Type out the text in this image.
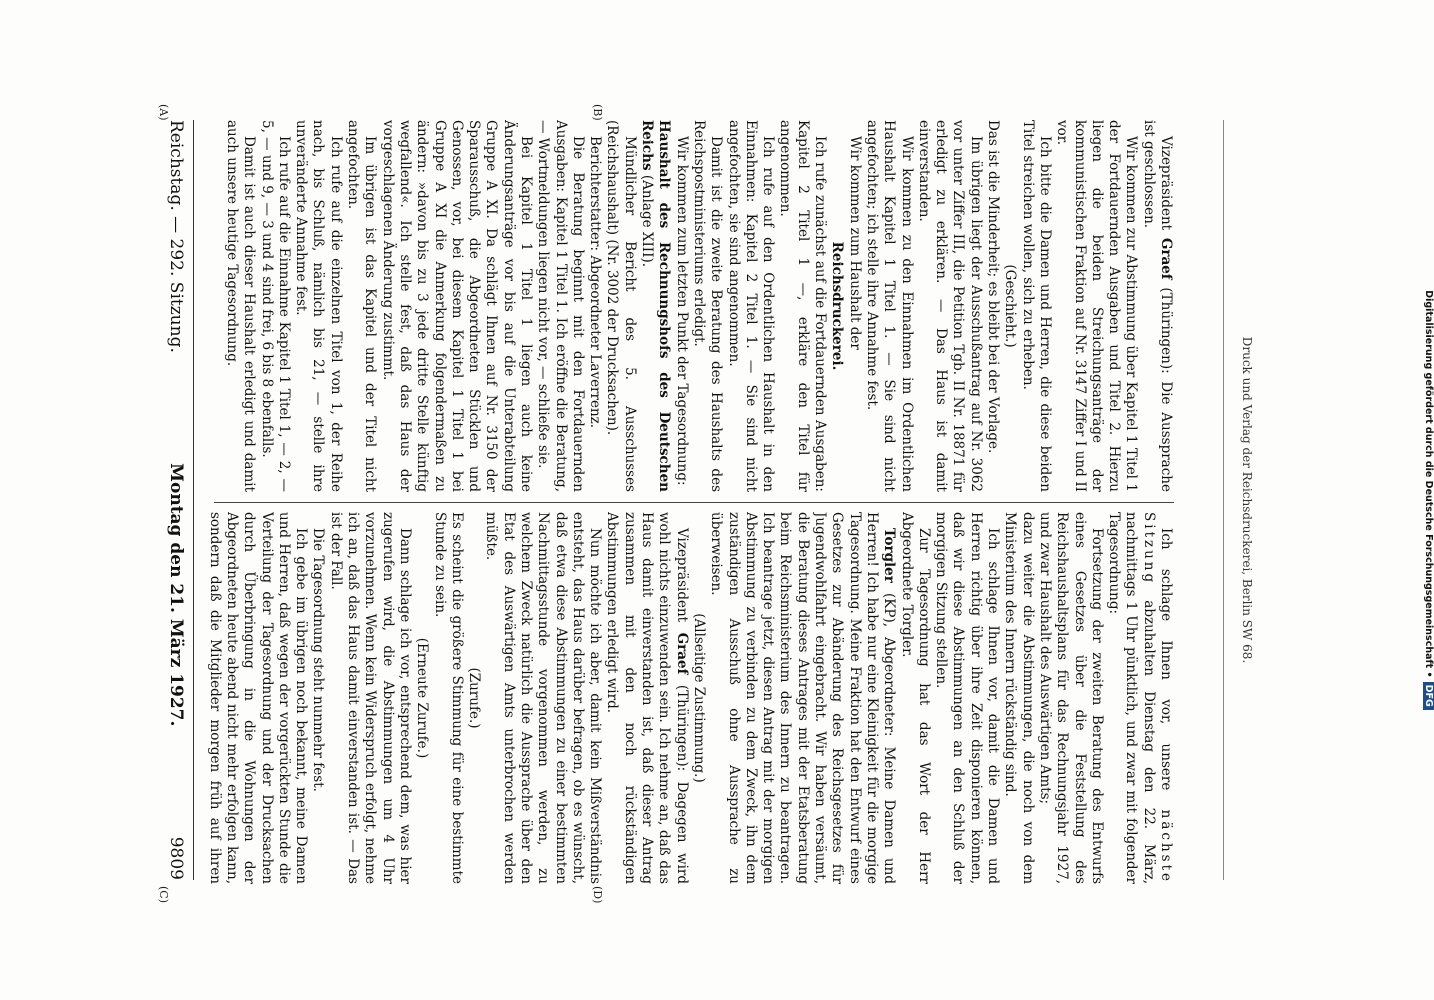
Digitalisierung gefördert durch die Deutsche Forschungsgemeinschaft •DFG
Druck und Verlag der Reichsdruckerei, Berlin SW 68.
Reichstag. — 292. Sitzung.
Montag den 21. März 1927.
9809
(A)	(B)
(C)	(D)

Vizepräsident Graef (Thüringen): Die Aussprache ist geschlossen.

Wir kommen zur Abstimmung über Kapitel 1 Titel 1 der Fortdauernden Ausgaben und Titel 2. Hierzu liegen die beiden Streichungsanträge der kommunistischen Fraktion auf Nr. 3147 Ziffer I und II vor.

Ich bitte die Damen und Herren, die diese beiden Titel streichen wollen, sich zu erheben.

(Geschieht.)

Das ist die Minderheit; es bleibt bei der Vorlage.

Im übrigen liegt der Ausschußantrag auf Nr. 3062 vor unter Ziffer III, die Petition Tgb. II Nr. 18871 für erledigt zu erklären. — Das Haus ist damit einverstanden.

Wir kommen zu den Einnahmen im Ordentlichen Haushalt Kapitel 1 Titel 1. — Sie sind nicht angefochten; ich stelle ihre Annahme fest.

Wir kommen zum Haushalt der

Reichsdruckerei.

Ich rufe zunächst auf die Fortdauernden Ausgaben: Kapitel 2 Titel 1 —, erkläre den Titel für angenommen.

Ich rufe auf den Ordentlichen Haushalt in den Einnahmen: Kapitel 2 Titel 1. — Sie sind nicht angefochten, sie sind angenommen.

Damit ist die zweite Beratung des Haushalts des Reichspostministeriums erledigt.

Wir kommen zum letzten Punkt der Tagesordnung:

Haushalt des Rechnungshofs des Deutschen Reichs (Anlage XIII).

Mündlicher Bericht des 5. Ausschusses (Reichshaushalt) (Nr. 3002 der Drucksachen).

Berichterstatter: Abgeordneter Laverrenz.

Die Beratung beginnt mit den Fortdauernden Ausgaben: Kapitel 1 Titel 1. Ich eröffne die Beratung, — Wortmeldungen liegen nicht vor, — schließe sie.

Bei Kapitel 1 Titel 1 liegen auch keine Änderungsanträge vor bis auf die Unterabteilung Gruppe A XI. Da schlägt Ihnen auf Nr. 3150 der Sparausschuß, die Abgeordneten Stücklen und Genossen, vor, bei diesem Kapitel 1 Titel 1 bei Gruppe A XI die Anmerkung folgendermaßen zu ändern: »davon bis zu 3 jede dritte Stelle künftig wegfallend«. Ich stelle fest, daß das Haus der vorgeschlagenen Änderung zustimmt.

Im übrigen ist das Kapitel und der Titel nicht angefochten.

Ich rufe auf die einzelnen Titel von 1, der Reihe nach, bis Schluß, nämlich bis 21, — stelle ihre unveränderte Annahme fest.

Ich rufe auf die Einnahme Kapitel 1 Titel 1, — 2, — 5, — und 9, — 3 und 4 sind frei, 6 bis 8 ebenfalls.

Damit ist auch dieser Haushalt erledigt und damit auch unsere heutige Tagesordnung.

Ich schlage Ihnen vor, unsere nächste Sitzung abzuhalten Dienstag den 22. März, nachmittags 1 Uhr pünktlich, und zwar mit folgender Tagesordnung:

Fortsetzung der zweiten Beratung des Entwurfs eines Gesetzes über die Feststellung des Reichshaushaltsplans für das Rechnungsjahr 1927, und zwar Haushalt des Auswärtigen Amts;

dazu weiter die Abstimmungen, die noch von dem Ministerium des Innern rückständig sind.

Ich schlage Ihnen vor, damit die Damen und Herren richtig über ihre Zeit disponieren können, daß wir diese Abstimmungen an den Schluß der morgigen Sitzung stellen.

Zur Tagesordnung hat das Wort der Herr Abgeordnete Torgler.

Torgler (KP), Abgeordneter: Meine Damen und Herren! Ich habe nur eine Kleinigkeit für die morgige Tagesordnung. Meine Fraktion hat den Entwurf eines Gesetzes zur Abänderung des Reichsgesetzes für Jugendwohlfahrt eingebracht. Wir haben versäumt, die Beratung dieses Antrages mit der Etatsberatung beim Reichsministerium des Innern zu beantragen. Ich beantrage jetzt, diesen Antrag mit der morgigen Abstimmung zu verbinden zu dem Zweck, ihn dem zuständigen Ausschuß ohne Aussprache zu überweisen.

(Allseitige Zustimmung.)

Vizepräsident Graef (Thüringen): Dagegen wird wohl nichts einzuwenden sein. Ich nehme an, daß das Haus damit einverstanden ist, daß dieser Antrag zusammen mit den noch rückständigen Abstimmungen erledigt wird.

Nun möchte ich aber, damit kein Mißverständnis entsteht, das Haus darüber befragen, ob es wünscht, daß etwa diese Abstimmungen zu einer bestimmten Nachmittagsstunde vorgenommen werden, zu welchem Zweck natürlich die Aussprache über den Etat des Auswärtigen Amts unterbrochen werden müßte.

(Zurufe.)

Es scheint die größere Stimmung für eine bestimmte Stunde zu sein.

(Erneute Zurufe.)

Dann schlage ich vor, entsprechend dem, was hier zugerufen wird, die Abstimmungen um 4 Uhr vorzunehmen. Wenn kein Widerspruch erfolgt, nehme ich an, daß das Haus damit einverstanden ist. — Das ist der Fall.

Die Tagesordnung steht nunmehr fest.

Ich gebe im übrigen noch bekannt, meine Damen und Herren, daß wegen der vorgerückten Stunde die Verteilung der Tagesordnung und der Drucksachen durch Überbringung in die Wohnungen der Abgeordneten heute abend nicht mehr erfolgen kann, sondern daß die Mitglieder morgen früh auf ihren
